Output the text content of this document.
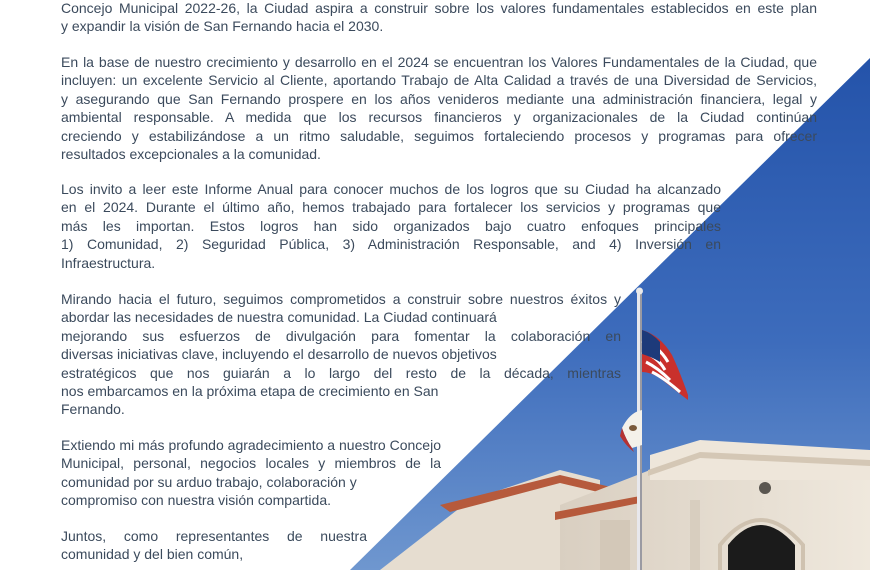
Concejo Municipal 2022-26, la Ciudad aspira a construir sobre los valores fundamentales establecidos en este plan
y expandir la visión de San Fernando hacia el 2030.
En la base de nuestro crecimiento y desarrollo en el 2024 se encuentran los Valores Fundamentales de la Ciudad, que
incluyen: un excelente Servicio al Cliente, aportando Trabajo de Alta Calidad a través de una Diversidad de Servicios,
y asegurando que San Fernando prospere en los años venideros mediante una administración financiera, legal y
ambiental responsable. A medida que los recursos financieros y organizacionales de la Ciudad continúan
creciendo y estabilizándose a un ritmo saludable, seguimos fortaleciendo procesos y programas para ofrecer
resultados excepcionales a la comunidad.
Los invito a leer este Informe Anual para conocer muchos de los logros que su Ciudad ha alcanzado
en el 2024. Durante el último año, hemos trabajado para fortalecer los servicios y programas que
más les importan. Estos logros han sido organizados bajo cuatro enfoques principales
1) Comunidad, 2) Seguridad Pública, 3) Administración Responsable, and 4) Inversión en
Infraestructura.
Mirando hacia el futuro, seguimos comprometidos a construir sobre nuestros éxitos y
abordar las necesidades de nuestra comunidad. La Ciudad continuará
mejorando sus esfuerzos de divulgación para fomentar la colaboración en
diversas iniciativas clave, incluyendo el desarrollo de nuevos objetivos
estratégicos que nos guiarán a lo largo del resto de la década, mientras
nos embarcamos en la próxima etapa de crecimiento en San
Fernando.
Extiendo mi más profundo agradecimiento a nuestro Concejo
Municipal, personal, negocios locales y miembros de la
comunidad por su arduo trabajo, colaboración y
compromiso con nuestra visión compartida.
Juntos, como representantes de nuestra
comunidad y del bien común,
